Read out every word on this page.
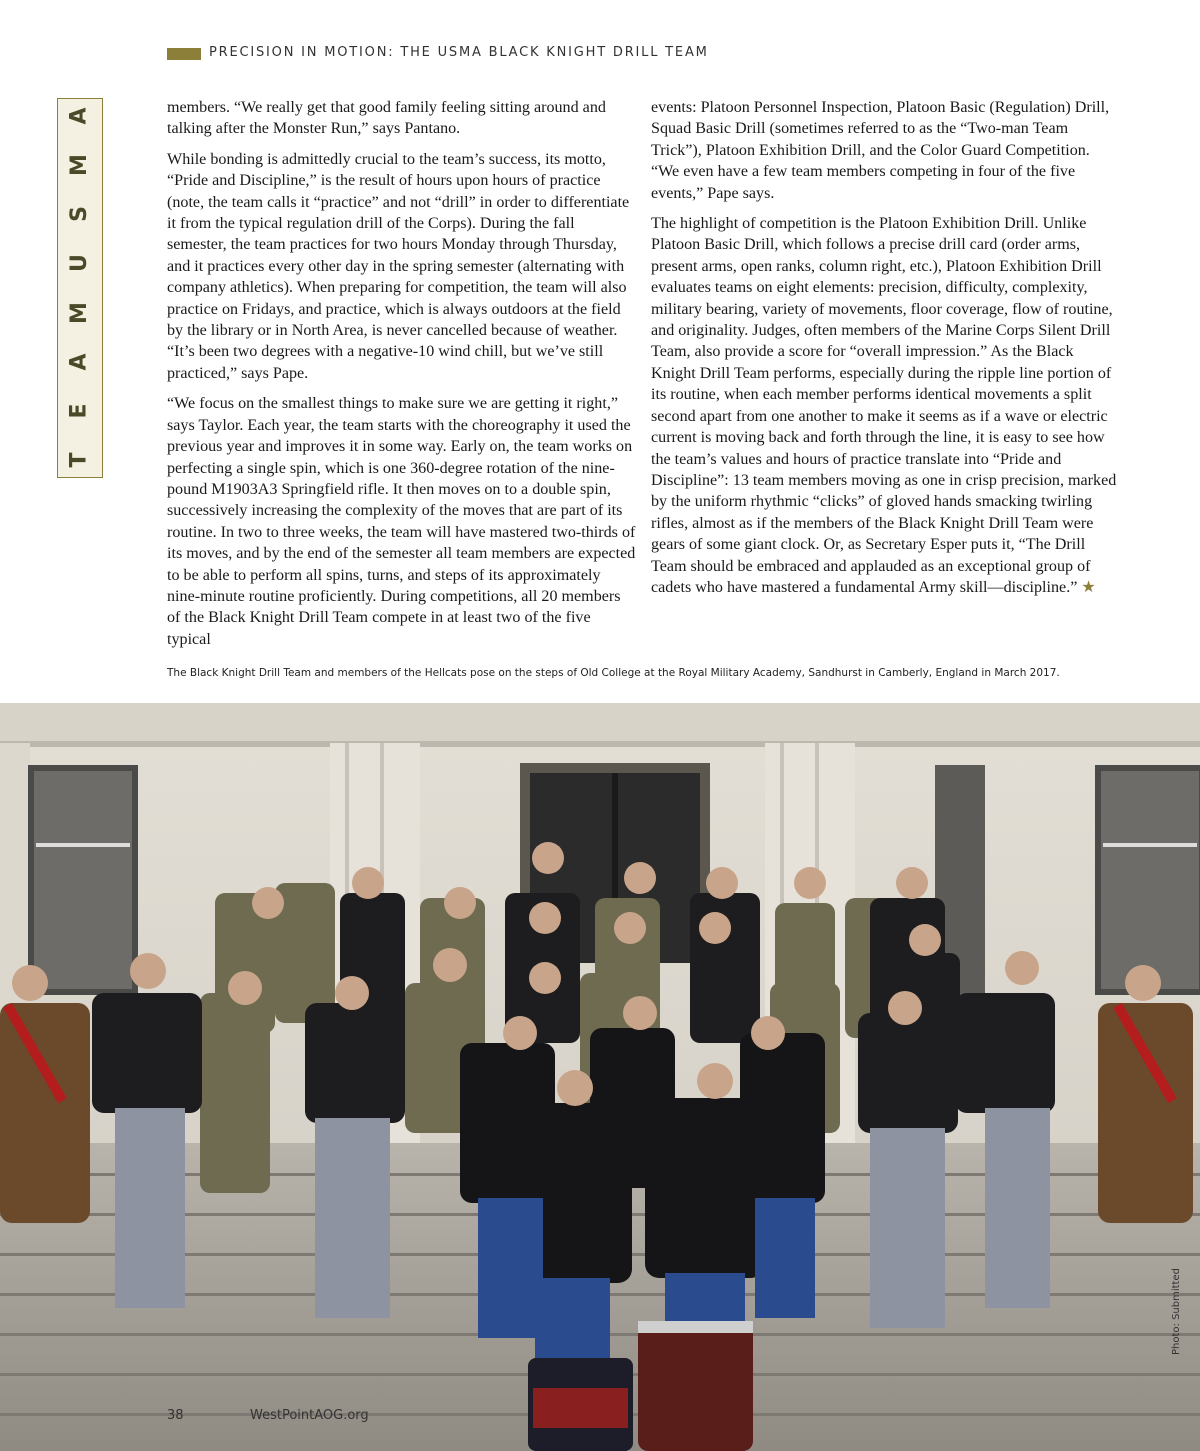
PRECISION IN MOTION: THE USMA BLACK KNIGHT DRILL TEAM
A
M
S
U
M
A
E
T

members. “We really get that good family feeling sitting around and talking after the Monster Run,” says Pantano.

While bonding is admittedly crucial to the team’s success, its motto, “Pride and Discipline,” is the result of hours upon hours of practice (note, the team calls it “practice” and not “drill” in order to differentiate it from the typical regulation drill of the Corps). During the fall semester, the team practices for two hours Monday through Thursday, and it practices every other day in the spring semester (alternating with company athletics). When preparing for competition, the team will also practice on Fridays, and practice, which is always outdoors at the field by the library or in North Area, is never cancelled because of weather. “It’s been two degrees with a negative-10 wind chill, but we’ve still practiced,” says Pape.

“We focus on the smallest things to make sure we are getting it right,” says Taylor. Each year, the team starts with the choreography it used the previous year and improves it in some way. Early on, the team works on perfecting a single spin, which is one 360-degree rotation of the nine-pound M1903A3 Springfield rifle. It then moves on to a double spin, successively increasing the complexity of the moves that are part of its routine. In two to three weeks, the team will have mastered two-thirds of its moves, and by the end of the semester all team members are expected to be able to perform all spins, turns, and steps of its approximately nine-minute routine proficiently. During competitions, all 20 members of the Black Knight Drill Team compete in at least two of the five typical

events: Platoon Personnel Inspection, Platoon Basic (Regulation) Drill, Squad Basic Drill (sometimes referred to as the “Two-man Team Trick”), Platoon Exhibition Drill, and the Color Guard Competition. “We even have a few team members competing in four of the five events,” Pape says.

The highlight of competition is the Platoon Exhibition Drill. Unlike Platoon Basic Drill, which follows a precise drill card (order arms, present arms, open ranks, column right, etc.), Platoon Exhibition Drill evaluates teams on eight elements: precision, difficulty, complexity, military bearing, variety of movements, floor coverage, flow of routine, and originality. Judges, often members of the Marine Corps Silent Drill Team, also provide a score for “overall impression.” As the Black Knight Drill Team performs, especially during the ripple line portion of its routine, when each member performs identical movements a split second apart from one another to make it seems as if a wave or electric current is moving back and forth through the line, it is easy to see how the team’s values and hours of practice translate into “Pride and Discipline”: 13 team members moving as one in crisp precision, marked by the uniform rhythmic “clicks” of gloved hands smacking twirling rifles, almost as if the members of the Black Knight Drill Team were gears of some giant clock. Or, as Secretary Esper puts it, “The Drill Team should be embraced and applauded as an exceptional group of cadets who have mastered a fundamental Army skill—discipline.” ★

The Black Knight Drill Team and members of the Hellcats pose on the steps of Old College at the Royal Military Academy, Sandhurst in Camberly, England in March 2017.
Photo: Submitted
38	WestPointAOG.org
